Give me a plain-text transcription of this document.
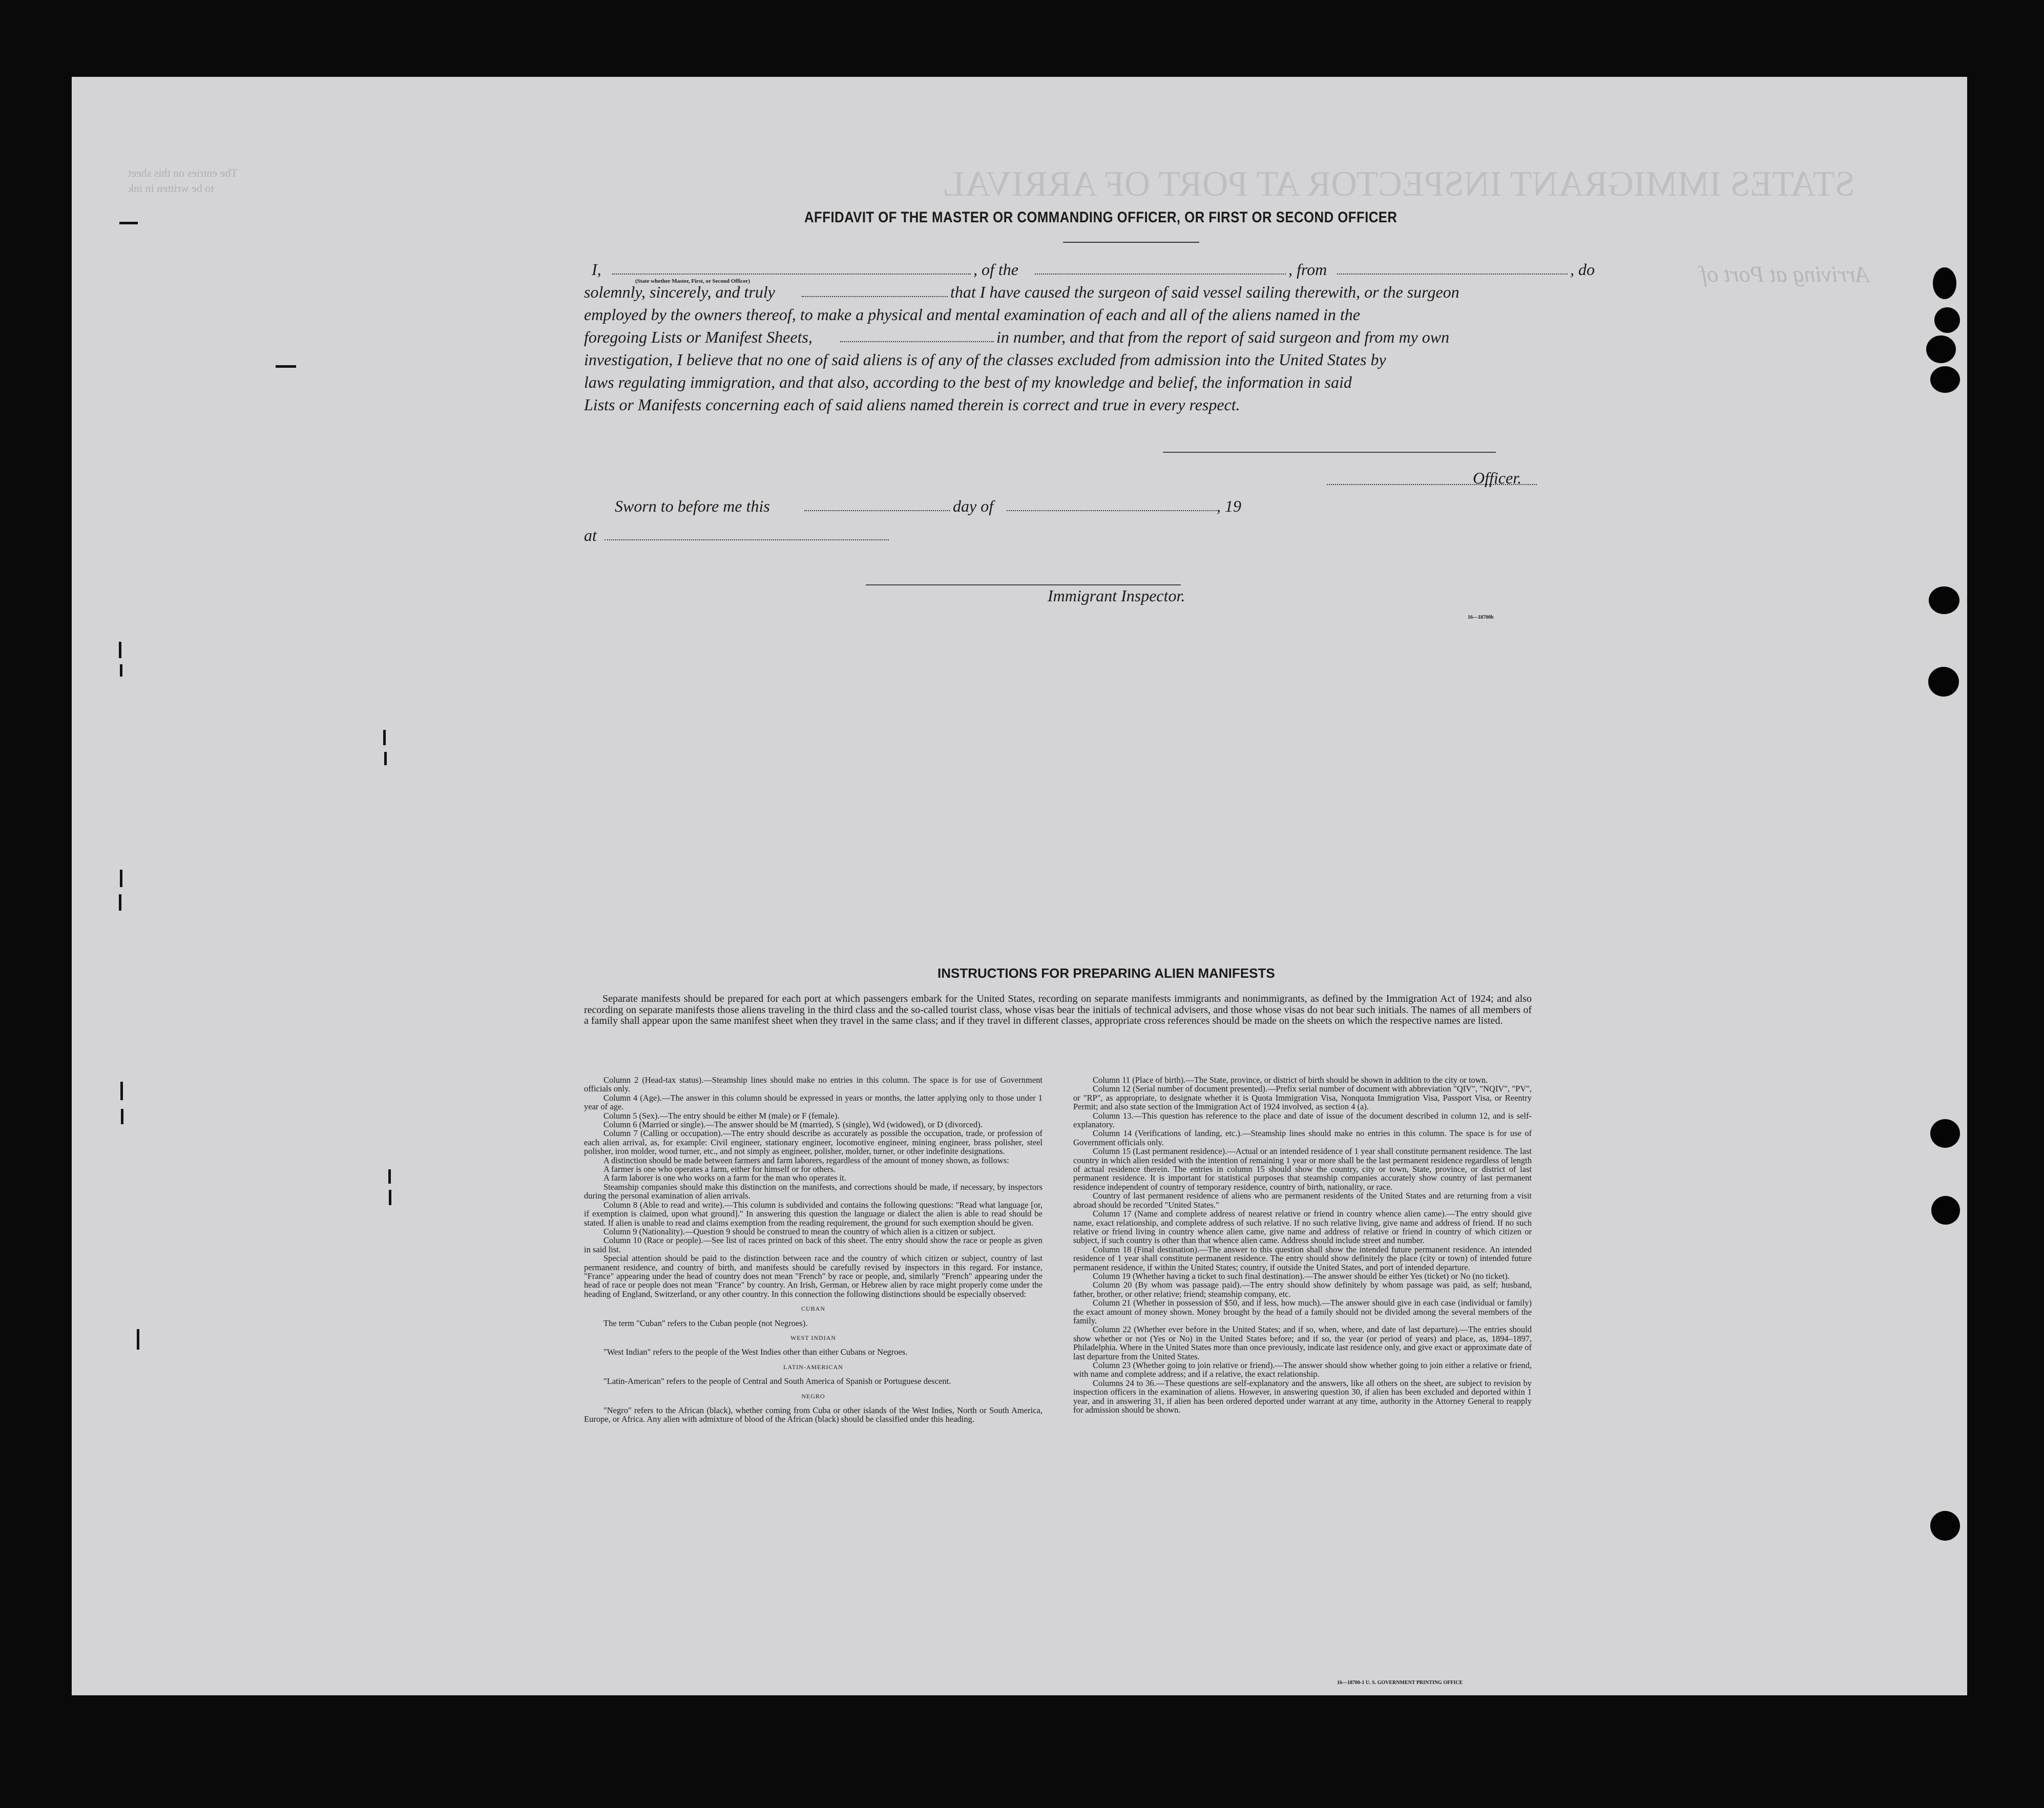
STATES IMMIGRANT INSPECTOR AT PORT OF ARRIVAL
Arriving at Port of
The entries on this sheet
to be written in ink
AFFIDAVIT OF THE MASTER OR COMMANDING OFFICER, OR FIRST OR SECOND OFFICER
I,	, of the	, from	, do
(State whether Master, First, or Second Officer)
solemnly, sincerely, and truly	that I have caused the surgeon of said vessel sailing therewith, or the surgeon
employed by the owners thereof, to make a physical and mental examination of each and all of the aliens named in the
foregoing Lists or Manifest Sheets,	in number, and that from the report of said surgeon and from my own
investigation, I believe that no one of said aliens is of any of the classes excluded from admission into the United States by
laws regulating immigration, and that also, according to the best of my knowledge and belief, the information in said
Lists or Manifests concerning each of said aliens named therein is correct and true in every respect.
Officer.
Sworn to before me this	day of	, 19
at
Immigrant Inspector.
16—18700b
INSTRUCTIONS FOR PREPARING ALIEN MANIFESTS
Separate manifests should be prepared for each port at which passengers embark for the United States, recording on separate manifests immigrants and nonimmigrants, as defined by the Immigration Act of 1924; and also recording on separate manifests those aliens traveling in the third class and the so-called tourist class, whose visas bear the initials of technical advisers, and those whose visas do not bear such initials. The names of all members of a family shall appear upon the same manifest sheet when they travel in the same class; and if they travel in different classes, appropriate cross references should be made on the sheets on which the respective names are listed.

Column 2 (Head-tax status).—Steamship lines should make no entries in this column. The space is for use of Government officials only.

Column 4 (Age).—The answer in this column should be expressed in years or months, the latter applying only to those under 1 year of age.

Column 5 (Sex).—The entry should be either M (male) or F (female).

Column 6 (Married or single).—The answer should be M (married), S (single), Wd (widowed), or D (divorced).

Column 7 (Calling or occupation).—The entry should describe as accurately as possible the occupation, trade, or profession of each alien arrival, as, for example: Civil engineer, stationary engineer, locomotive engineer, mining engineer, brass polisher, steel polisher, iron molder, wood turner, etc., and not simply as engineer, polisher, molder, turner, or other indefinite designations.

A distinction should be made between farmers and farm laborers, regardless of the amount of money shown, as follows:

A farmer is one who operates a farm, either for himself or for others.

A farm laborer is one who works on a farm for the man who operates it.

Steamship companies should make this distinction on the manifests, and corrections should be made, if necessary, by inspectors during the personal examination of alien arrivals.

Column 8 (Able to read and write).—This column is subdivided and contains the following questions: "Read what language [or, if exemption is claimed, upon what ground]." In answering this question the language or dialect the alien is able to read should be stated. If alien is unable to read and claims exemption from the reading requirement, the ground for such exemption should be given.

Column 9 (Nationality).—Question 9 should be construed to mean the country of which alien is a citizen or subject.

Column 10 (Race or people).—See list of races printed on back of this sheet. The entry should show the race or people as given in said list.

Special attention should be paid to the distinction between race and the country of which citizen or subject, country of last permanent residence, and country of birth, and manifests should be carefully revised by inspectors in this regard. For instance, "France" appearing under the head of country does not mean "French" by race or people, and, similarly "French" appearing under the head of race or people does not mean "France" by country. An Irish, German, or Hebrew alien by race might properly come under the heading of England, Switzerland, or any other country. In this connection the following distinctions should be especially observed:

CUBAN

The term "Cuban" refers to the Cuban people (not Negroes).

WEST INDIAN

"West Indian" refers to the people of the West Indies other than either Cubans or Negroes.

LATIN-AMERICAN

"Latin-American" refers to the people of Central and South America of Spanish or Portuguese descent.

NEGRO

"Negro" refers to the African (black), whether coming from Cuba or other islands of the West Indies, North or South America, Europe, or Africa. Any alien with admixture of blood of the African (black) should be classified under this heading.

Column 11 (Place of birth).—The State, province, or district of birth should be shown in addition to the city or town.

Column 12 (Serial number of document presented).—Prefix serial number of document with abbreviation "QIV", "NQIV", "PV", or "RP", as appropriate, to designate whether it is Quota Immigration Visa, Nonquota Immigration Visa, Passport Visa, or Reentry Permit; and also state section of the Immigration Act of 1924 involved, as section 4 (a).

Column 13.—This question has reference to the place and date of issue of the document described in column 12, and is self-explanatory.

Column 14 (Verifications of landing, etc.).—Steamship lines should make no entries in this column. The space is for use of Government officials only.

Column 15 (Last permanent residence).—Actual or an intended residence of 1 year shall constitute permanent residence. The last country in which alien resided with the intention of remaining 1 year or more shall be the last permanent residence regardless of length of actual residence therein. The entries in column 15 should show the country, city or town, State, province, or district of last permanent residence. It is important for statistical purposes that steamship companies accurately show country of last permanent residence independent of country of temporary residence, country of birth, nationality, or race.

Country of last permanent residence of aliens who are permanent residents of the United States and are returning from a visit abroad should be recorded "United States."

Column 17 (Name and complete address of nearest relative or friend in country whence alien came).—The entry should give name, exact relationship, and complete address of such relative. If no such relative living, give name and address of friend. If no such relative or friend living in country whence alien came, give name and address of relative or friend in country of which citizen or subject, if such country is other than that whence alien came. Address should include street and number.

Column 18 (Final destination).—The answer to this question shall show the intended future permanent residence. An intended residence of 1 year shall constitute permanent residence. The entry should show definitely the place (city or town) of intended future permanent residence, if within the United States; country, if outside the United States, and port of intended departure.

Column 19 (Whether having a ticket to such final destination).—The answer should be either Yes (ticket) or No (no ticket).

Column 20 (By whom was passage paid).—The entry should show definitely by whom passage was paid, as self; husband, father, brother, or other relative; friend; steamship company, etc.

Column 21 (Whether in possession of $50, and if less, how much).—The answer should give in each case (individual or family) the exact amount of money shown. Money brought by the head of a family should not be divided among the several members of the family.

Column 22 (Whether ever before in the United States; and if so, when, where, and date of last departure).—The entries should show whether or not (Yes or No) in the United States before; and if so, the year (or period of years) and place, as, 1894–1897, Philadelphia. Where in the United States more than once previously, indicate last residence only, and give exact or approximate date of last departure from the United States.

Column 23 (Whether going to join relative or friend).—The answer should show whether going to join either a relative or friend, with name and complete address; and if a relative, the exact relationship.

Columns 24 to 36.—These questions are self-explanatory and the answers, like all others on the sheet, are subject to revision by inspection officers in the examination of aliens. However, in answering question 30, if alien has been excluded and deported within 1 year, and in answering 31, if alien has been ordered deported under warrant at any time, authority in the Attorney General to reapply for admission should be shown.

16—18700-1 U. S. GOVERNMENT PRINTING OFFICE
